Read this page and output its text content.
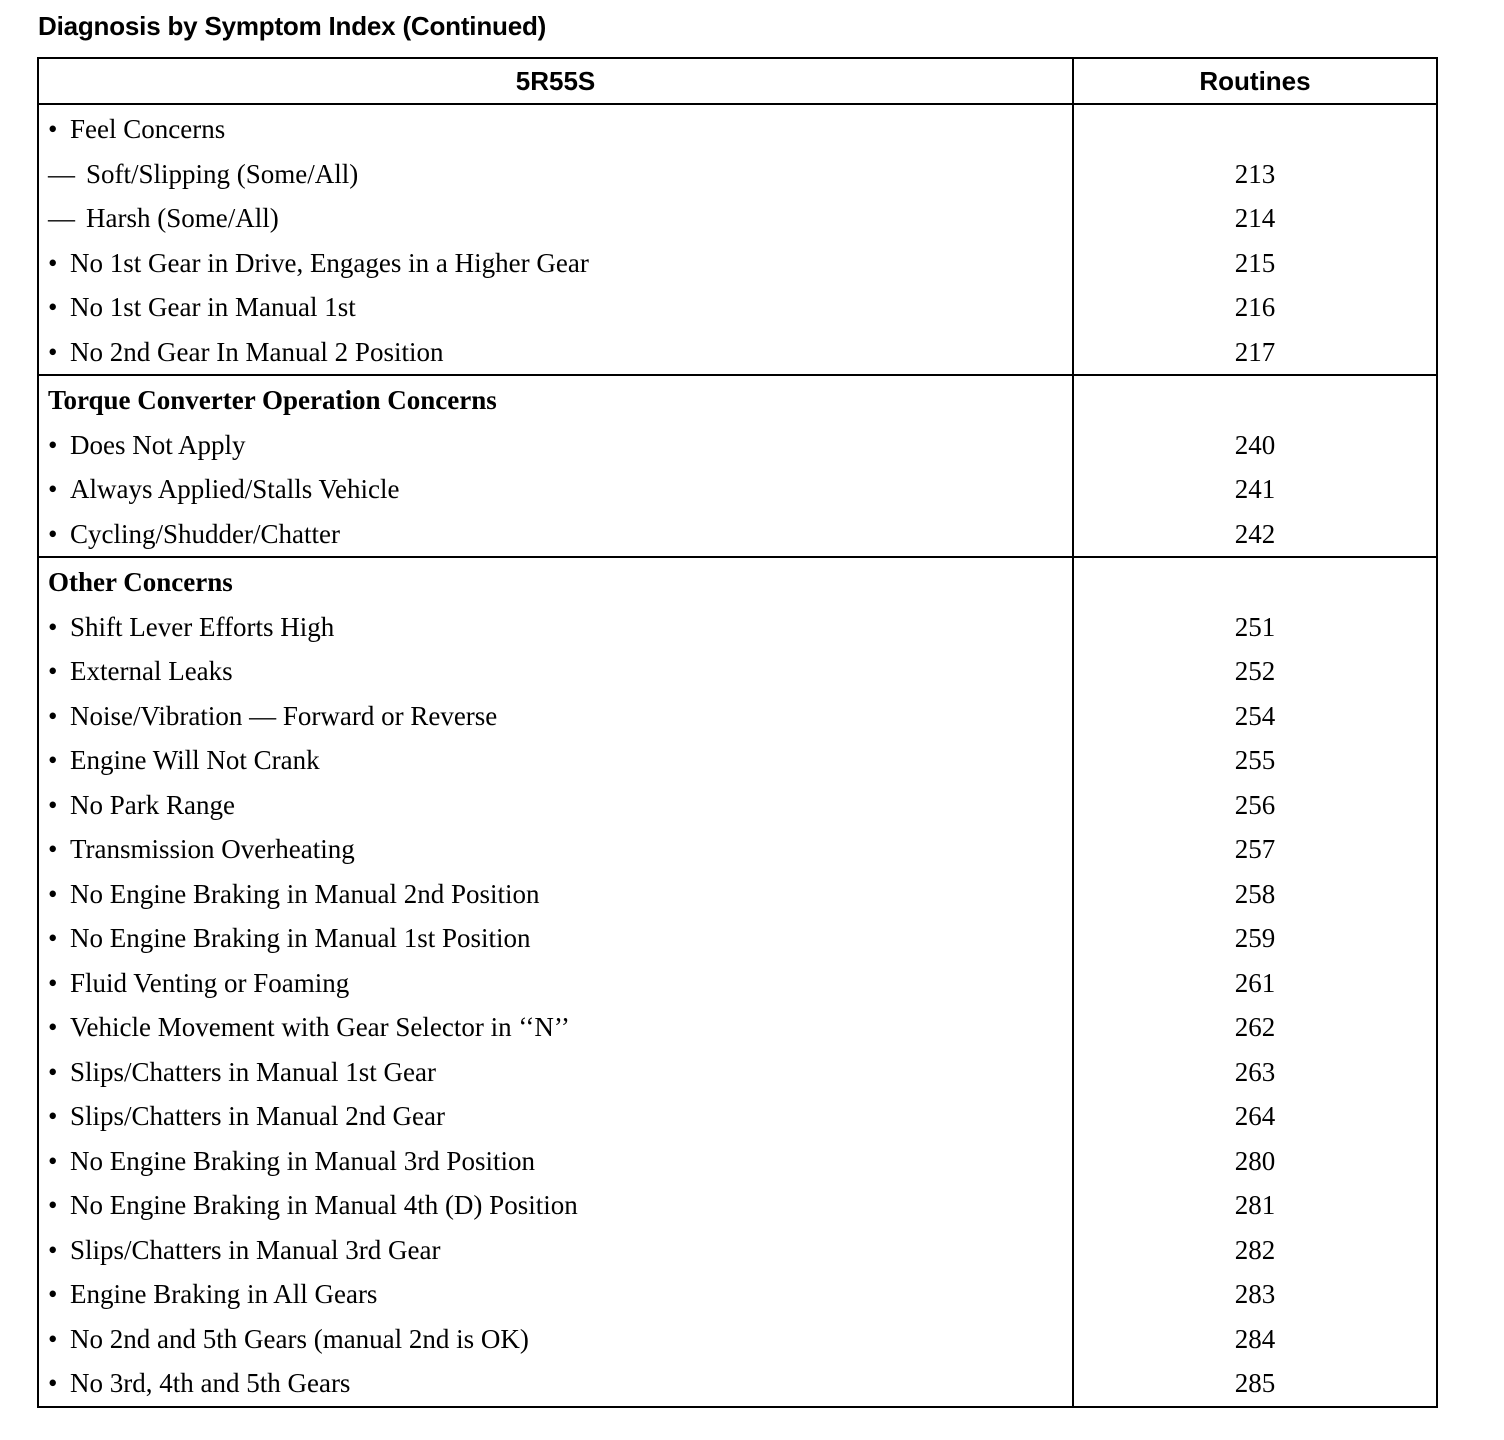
Diagnosis by Symptom Index (Continued)
5R55S	Routines
• Feel Concerns
— Soft/Slipping (Some/All)
— Harsh (Some/All)
• No 1st Gear in Drive, Engages in a Higher Gear
• No 1st Gear in Manual 1st
• No 2nd Gear In Manual 2 Position
213
214
215
216
217
Torque Converter Operation Concerns
• Does Not Apply
• Always Applied/Stalls Vehicle
• Cycling/Shudder/Chatter
240
241
242
Other Concerns
• Shift Lever Efforts High
• External Leaks
• Noise/Vibration — Forward or Reverse
• Engine Will Not Crank
• No Park Range
• Transmission Overheating
• No Engine Braking in Manual 2nd Position
• No Engine Braking in Manual 1st Position
• Fluid Venting or Foaming
• Vehicle Movement with Gear Selector in ‘‘N’’
• Slips/Chatters in Manual 1st Gear
• Slips/Chatters in Manual 2nd Gear
• No Engine Braking in Manual 3rd Position
• No Engine Braking in Manual 4th (D) Position
• Slips/Chatters in Manual 3rd Gear
• Engine Braking in All Gears
• No 2nd and 5th Gears (manual 2nd is OK)
• No 3rd, 4th and 5th Gears
251
252
254
255
256
257
258
259
261
262
263
264
280
281
282
283
284
285
